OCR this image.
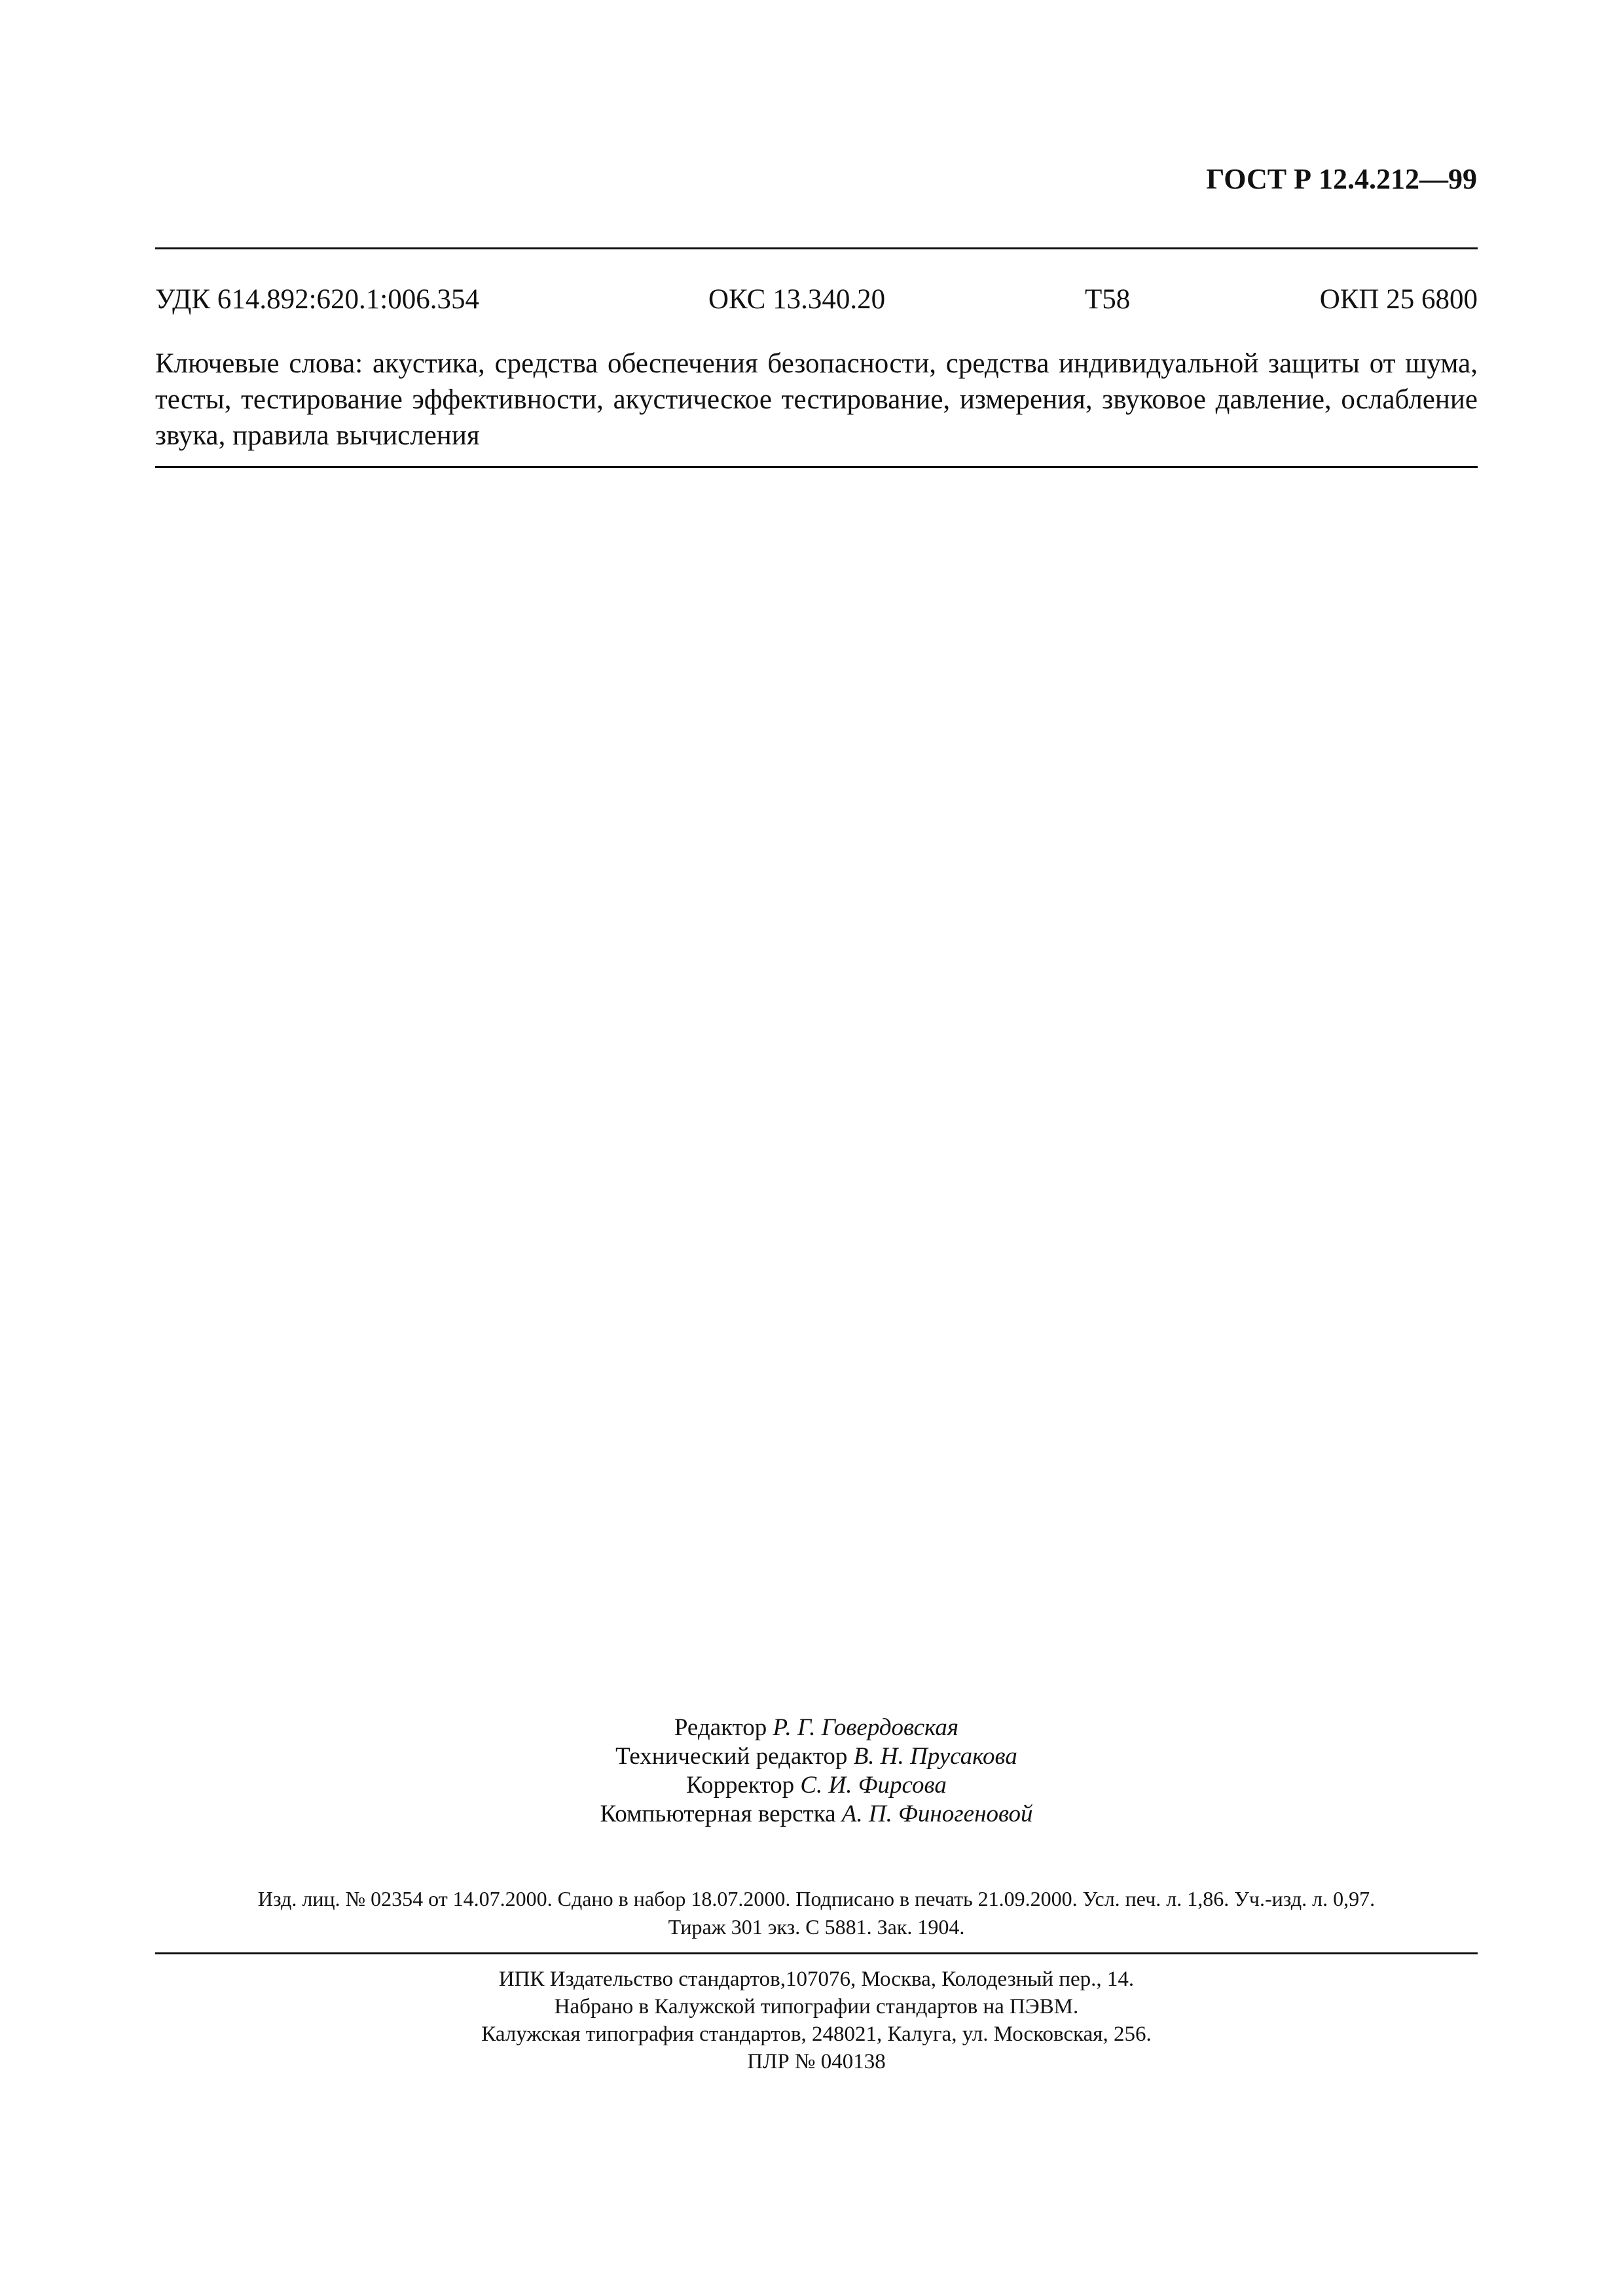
ГОСТ Р 12.4.212—99
УДК 614.892:620.1:006.354	ОКС 13.340.20	Т58	ОКП 25 6800

Ключевые слова: акустика, средства обеспечения безопасности, средства индивидуальной защиты от шума, тесты, тестирование эффективности, акустическое тестирование, измерения, звуковое давление, ослабление звука, правила вычисления

Редактор Р. Г. Говердовская
Технический редактор В. Н. Прусакова
Корректор С. И. Фирсова
Компьютерная верстка А. П. Финогеновой
Изд. лиц. № 02354 от 14.07.2000. Сдано в набор 18.07.2000. Подписано в печать 21.09.2000. Усл. печ. л. 1,86. Уч.-изд. л. 0,97.
Тираж 301 экз. С 5881. Зак. 1904.
ИПК Издательство стандартов,107076, Москва, Колодезный пер., 14.
Набрано в Калужской типографии стандартов на ПЭВМ.
Калужская типография стандартов, 248021, Калуга, ул. Московская, 256.
ПЛР № 040138
